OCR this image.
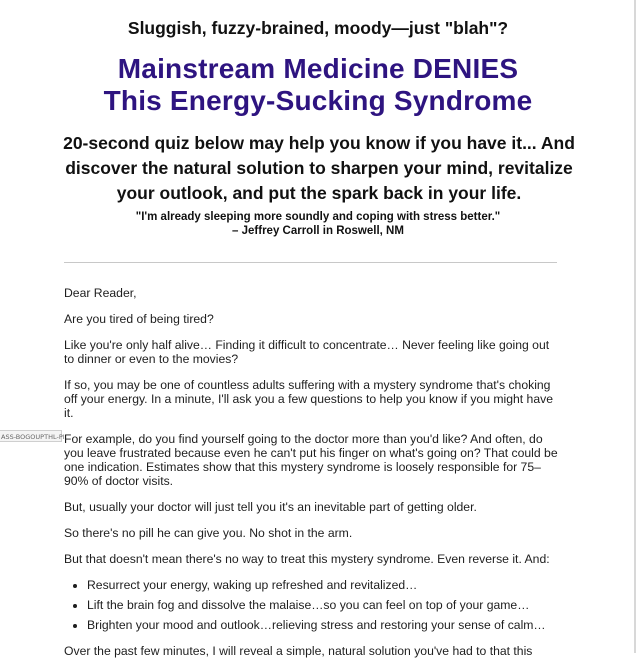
Sluggish, fuzzy-brained, moody—just "blah"?
Mainstream Medicine DENIES
This Energy-Sucking Syndrome
20-second quiz below may help you know if you have it... And discover the natural solution to sharpen your mind, revitalize your outlook, and put the spark back in your life.
"I'm already sleeping more soundly and coping with stress better."
– Jeffrey Carroll in Roswell, NM
ASS-BOGOUPTHL-PI

Dear Reader,

Are you tired of being tired?

Like you're only half alive… Finding it difficult to concentrate… Never feeling like going out to dinner or even to the movies?

If so, you may be one of countless adults suffering with a mystery syndrome that's choking off your energy. In a minute, I'll ask you a few questions to help you know if you might have it.

For example, do you find yourself going to the doctor more than you'd like? And often, do you leave frustrated because even he can't put his finger on what's going on? That could be one indication. Estimates show that this mystery syndrome is loosely responsible for 75–90% of doctor visits.

But, usually your doctor will just tell you it's an inevitable part of getting older.

So there's no pill he can give you. No shot in the arm.

But that doesn't mean there's no way to treat this mystery syndrome. Even reverse it. And:

• Resurrect your energy, waking up refreshed and revitalized…
• Lift the brain fog and dissolve the malaise…so you can feel on top of your game…
• Brighten your mood and outlook…relieving stress and restoring your sense of calm…
Over the past few minutes, I will reveal a simple, natural solution you've had to that this
